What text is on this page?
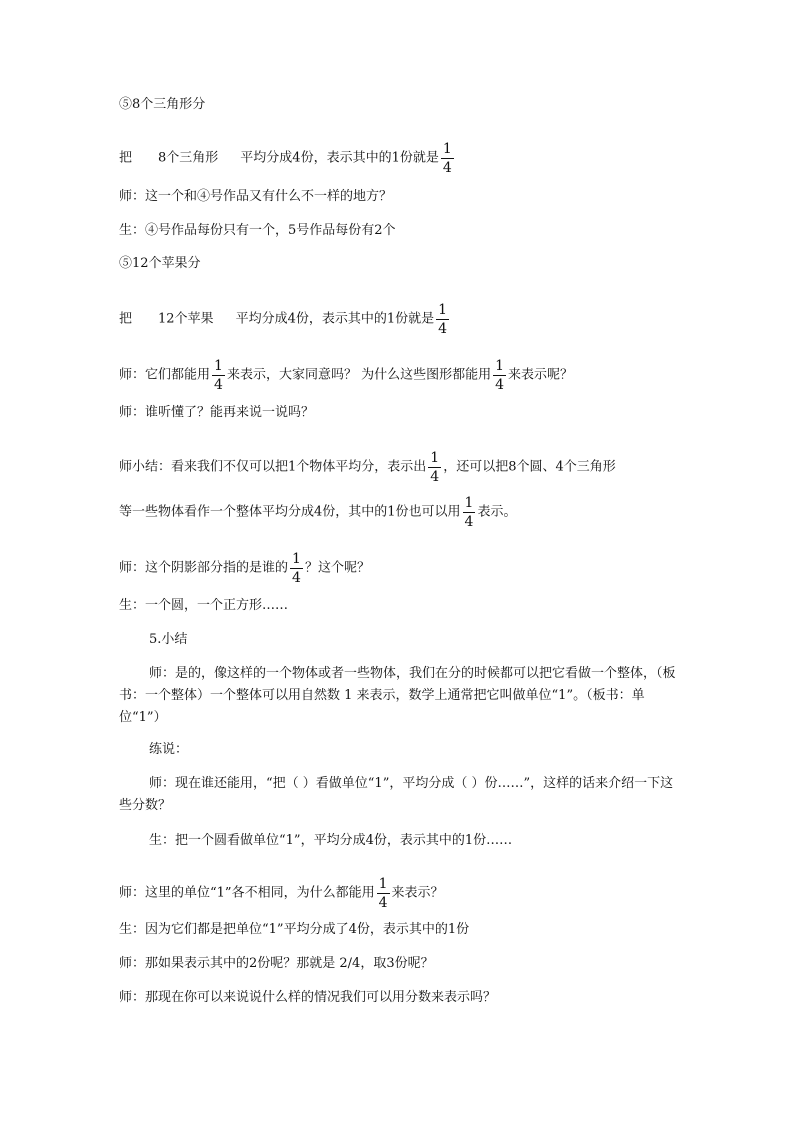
⑤8个三角形分
把 8个三角形 平均分成4份，表示其中的1份就是 $\frac{1}{4}$
师：这一个和④号作品又有什么不一样的地方？
生：④号作品每份只有一个，5号作品每份有2个
⑤12个苹果分
把 12个苹果 平均分成4份，表示其中的1份就是 $\frac{1}{4}$
师：它们都能用 $\frac{1}{4}$ 来表示，大家同意吗？ 为什么这些图形都能用 $\frac{1}{4}$ 来表示呢？
师：谁听懂了？能再来说一说吗？
师小结：看来我们不仅可以把1个物体平均分，表示出 $\frac{1}{4}$ ，还可以把8个圆、4个三角形
等一些物体看作一个整体平均分成4份，其中的1份也可以用 $\frac{1}{4}$ 表示。
师：这个阴影部分指的是谁的 $\frac{1}{4}$ ？这个呢？
生：一个圆，一个正方形……
5.小结
师：是的，像这样的一个物体或者一些物体，我们在分的时候都可以把它看做一个整体，（板书：一个整体）一个整体可以用自然数 1 来表示，数学上通常把它叫做单位“1”。（板书：单位“1”）
练说：
师：现在谁还能用，“把（ ）看做单位“1”，平均分成（ ）份……”，这样的话来介绍一下这些分数？
生：把一个圆看做单位“1”，平均分成4份，表示其中的1份……
师：这里的单位“1”各不相同，为什么都能用 $\frac{1}{4}$ 来表示？
生：因为它们都是把单位“1”平均分成了4份，表示其中的1份
师：那如果表示其中的2份呢？那就是 2/4，取3份呢？
师：那现在你可以来说说什么样的情况我们可以用分数来表示吗？
